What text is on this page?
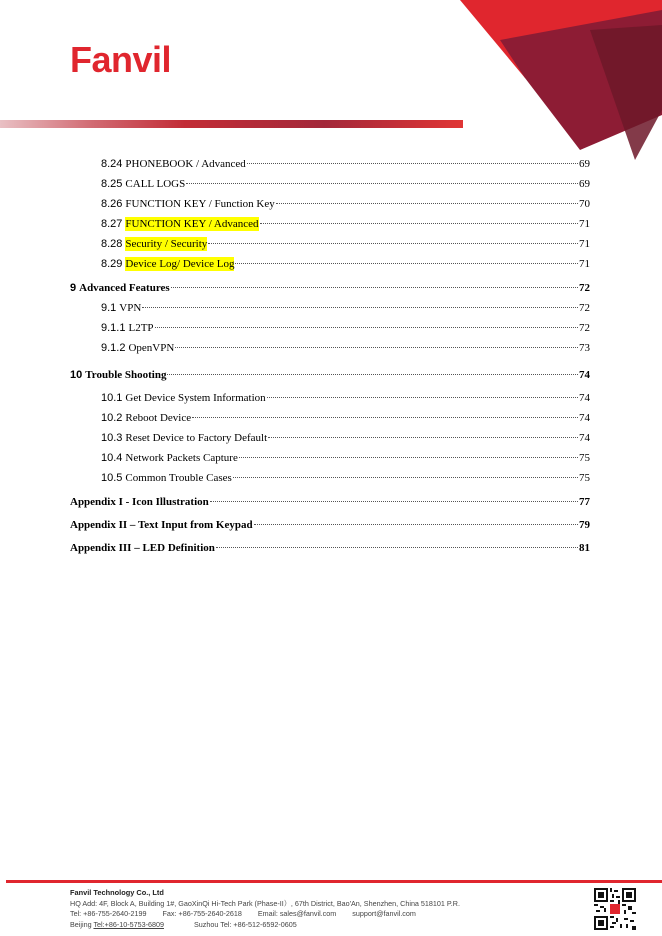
Fanvil
8.24 PHONEBOOK / Advanced	69
8.25 CALL LOGS	69
8.26 FUNCTION KEY / Function Key	70
8.27 FUNCTION KEY / Advanced	71
8.28 Security / Security	71
8.29 Device Log/ Device Log	71
9 Advanced Features	72
9.1 VPN	72
9.1.1 L2TP	72
9.1.2 OpenVPN	73
10 Trouble Shooting	74
10.1 Get Device System Information	74
10.2 Reboot Device	74
10.3 Reset Device to Factory Default	74
10.4 Network Packets Capture	75
10.5 Common Trouble Cases	75
Appendix I - Icon Illustration	77
Appendix II – Text Input from Keypad	79
Appendix III – LED Definition	81
Fanvil Technology Co., Ltd
HQ Add: 4F, Block A, Building 1#, GaoXinQi Hi-Tech Park (Phase-II）, 67th District, Bao'An, Shenzhen, China 518101 P.R.
Tel: +86-755-2640-2199 Fax: +86-755-2640-2618 Email: sales@fanvil.com support@fanvil.com
Beijing Tel:+86-10-5753-6809	Suzhou Tel: +86-512-6592-0605
